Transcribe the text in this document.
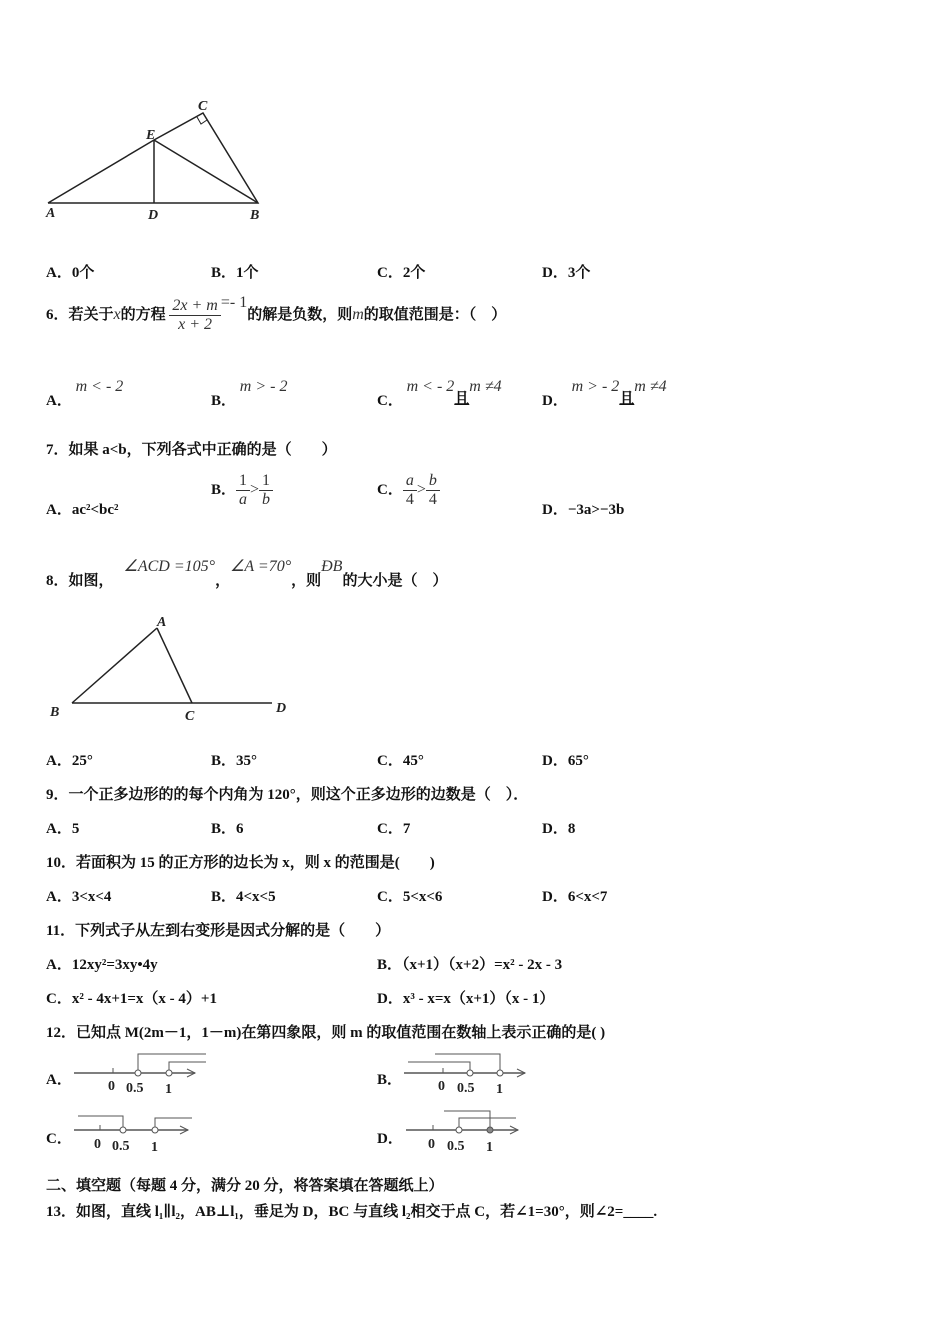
C
E
A	D	B
A．0个	B．1个	C．2个	D．3个
6．若关于x的方程 $\frac{2x + m}{x + 2} =- 1$的解是负数，则m的取值范围是：（　）
A． m < - 2
B． m > - 2
C． m < - 2且m ≠4
D． m > - 2且m ≠4
7．如果 a<b，下列各式中正确的是（　　）
A．ac²<bc²
B． $\frac{1}{a} > \frac{1}{b}$	C． $\frac{a}{4} > \frac{b}{4}$
D．−3a>−3b
8．如图，∠ACD =105°，∠A =70°，则ÐB的大小是（　）
A
B	C
D
A．25°	B．35°	C．45°	D．65°
9．一个正多边形的的每个内角为 120°，则这个正多边形的边数是（　）．
A．5	B．6	C．7	D．8
10．若面积为 15 的正方形的边长为 x，则 x 的范围是(　　)
A．3<x<4	B．4<x<5	C．5<x<6	D．6<x<7
11．下列式子从左到右变形是因式分解的是（　　）
A．12xy²=3xy•4y	B．（x+1）（x+2）=x² - 2x - 3
C．x² - 4x+1=x（x - 4）+1	D．x³ - x=x（x+1）（x - 1）
12．已知点 M(2m－1，1－m)在第四象限，则 m 的取值范围在数轴上表示正确的是( )
A．	B．
C．	D．
0 0.5 1	0 0.5 1
0 0.5 1	0 0.5 1
二、填空题（每题 4 分，满分 20 分，将答案填在答题纸上）
13．如图，直线 l₁∥l₂，AB⊥l₁，垂足为 D，BC 与直线 l₂相交于点 C，若∠1=30°，则∠2=____.
